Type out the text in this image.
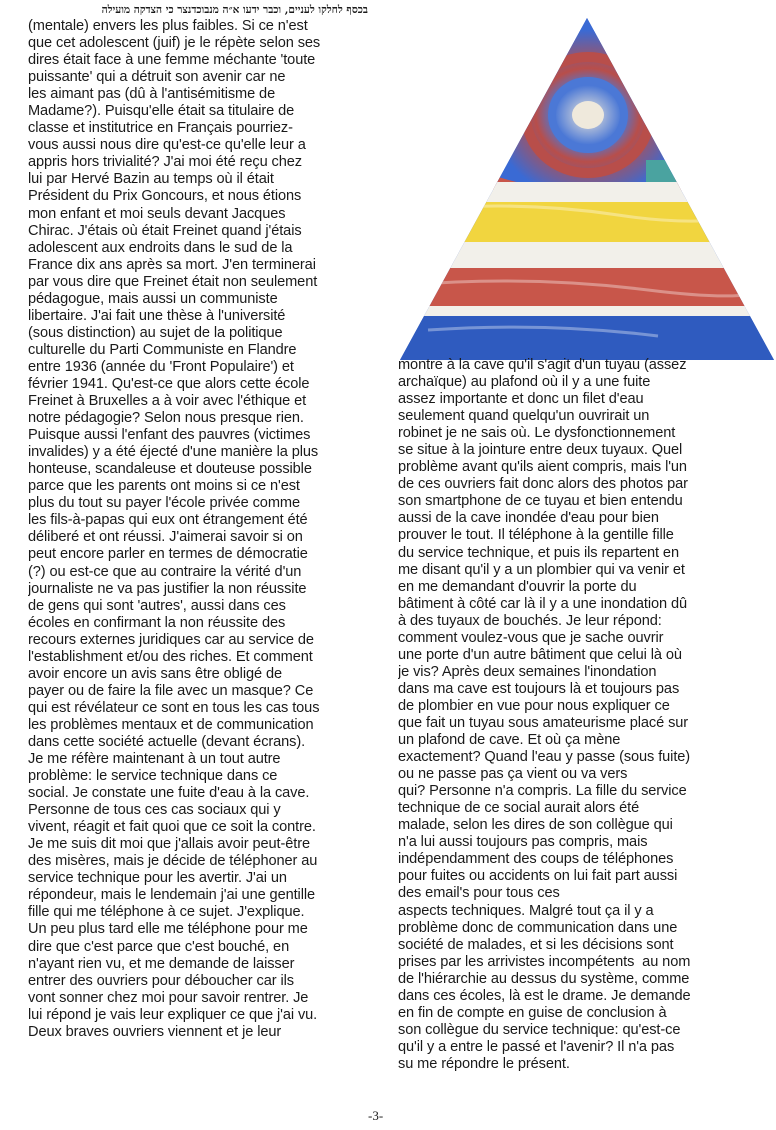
בכסף לחלקו לעניים, וכבר ידעו א״ה מנבוכדנצר כי הצדקה מועילה
(mentale) envers les plus faibles. Si ce n'est
que cet adolescent (juif) je le répète selon ses
dires était face à une femme méchante 'toute
puissante' qui a détruit son avenir car ne
les aimant pas (dû à l'antisémitisme de
Madame?). Puisqu'elle était sa titulaire de
classe et institutrice en Français pourriez-
vous aussi nous dire qu'est-ce qu'elle leur a
appris hors trivialité? J'ai moi été reçu chez
lui par Hervé Bazin au temps où il était
Président du Prix Goncours, et nous étions
mon enfant et moi seuls devant Jacques
Chirac. J'étais où était Freinet quand j'étais
adolescent aux endroits dans le sud de la
France dix ans après sa mort. J'en terminerai
par vous dire que Freinet était non seulement
pédagogue, mais aussi un communiste
libertaire. J'ai fait une thèse à l'université
(sous distinction) au sujet de la politique
culturelle du Parti Communiste en Flandre
entre 1936 (année du 'Front Populaire') et
février 1941. Qu'est-ce que alors cette école
Freinet à Bruxelles a à voir avec l'éthique et
notre pédagogie? Selon nous presque rien.
Puisque aussi l'enfant des pauvres (victimes
invalides) y a été éjecté d'une manière la plus
honteuse, scandaleuse et douteuse possible
parce que les parents ont moins si ce n'est
plus du tout su payer l'école privée comme
les fils-à-papas qui eux ont étrangement été
déliberé et ont réussi. J'aimerai savoir si on
peut encore parler en termes de démocratie
(?) ou est-ce que au contraire la vérité d'un
journaliste ne va pas justifier la non réussite
de gens qui sont 'autres', aussi dans ces
écoles en confirmant la non réussite des
recours externes juridiques car au service de
l'establishment et/ou des riches. Et comment
avoir encore un avis sans être obligé de
payer ou de faire la file avec un masque? Ce
qui est révélateur ce sont en tous les cas tous
les problèmes mentaux et de communication
dans cette société actuelle (devant écrans).
Je me réfère maintenant à un tout autre
problème: le service technique dans ce
social. Je constate une fuite d'eau à la cave.
Personne de tous ces cas sociaux qui y
vivent, réagit et fait quoi que ce soit la contre.
Je me suis dit moi que j'allais avoir peut-être
des misères, mais je décide de téléphoner au
service technique pour les avertir. J'ai un
répondeur, mais le lendemain j'ai une gentille
fille qui me téléphone à ce sujet. J'explique.
Un peu plus tard elle me téléphone pour me
dire que c'est parce que c'est bouché, en
n'ayant rien vu, et me demande de laisser
entrer des ouvriers pour déboucher car ils
vont sonner chez moi pour savoir rentrer. Je
lui répond je vais leur expliquer ce que j'ai vu.
Deux braves ouvriers viennent et je leur
montre à la cave qu'il s'agit d'un tuyau (assez
archaïque) au plafond où il y a une fuite
assez importante et donc un filet d'eau
seulement quand quelqu'un ouvrirait un
robinet je ne sais où. Le dysfonctionnement
se situe à la jointure entre deux tuyaux. Quel
problème avant qu'ils aient compris, mais l'un
de ces ouvriers fait donc alors des photos par
son smartphone de ce tuyau et bien entendu
aussi de la cave inondée d'eau pour bien
prouver le tout. Il téléphone à la gentille fille
du service technique, et puis ils repartent en
me disant qu'il y a un plombier qui va venir et
en me demandant d'ouvrir la porte du
bâtiment à côté car là il y a une inondation dû
à des tuyaux de bouchés. Je leur répond:
comment voulez-vous que je sache ouvrir
une porte d'un autre bâtiment que celui là où
je vis? Après deux semaines l'inondation
dans ma cave est toujours là et toujours pas
de plombier en vue pour nous expliquer ce
que fait un tuyau sous amateurisme placé sur
un plafond de cave. Et où ça mène
exactement? Quand l'eau y passe (sous fuite)
ou ne passe pas ça vient ou va vers
qui? Personne n'a compris. La fille du service
technique de ce social aurait alors été
malade, selon les dires de son collègue qui
n'a lui aussi toujours pas compris, mais
indépendamment des coups de téléphones
pour fuites ou accidents on lui fait part aussi
des email's pour tous ces
aspects techniques. Malgré tout ça il y a
problème donc de communication dans une
société de malades, et si les décisions sont
prises par les arrivistes incompétents  au nom
de l'hiérarchie au dessus du système, comme
dans ces écoles, là est le drame. Je demande
en fin de compte en guise de conclusion à
son collègue du service technique: qu'est-ce
qu'il y a entre le passé et l'avenir? Il n'a pas
su me répondre le présent.
-3-
